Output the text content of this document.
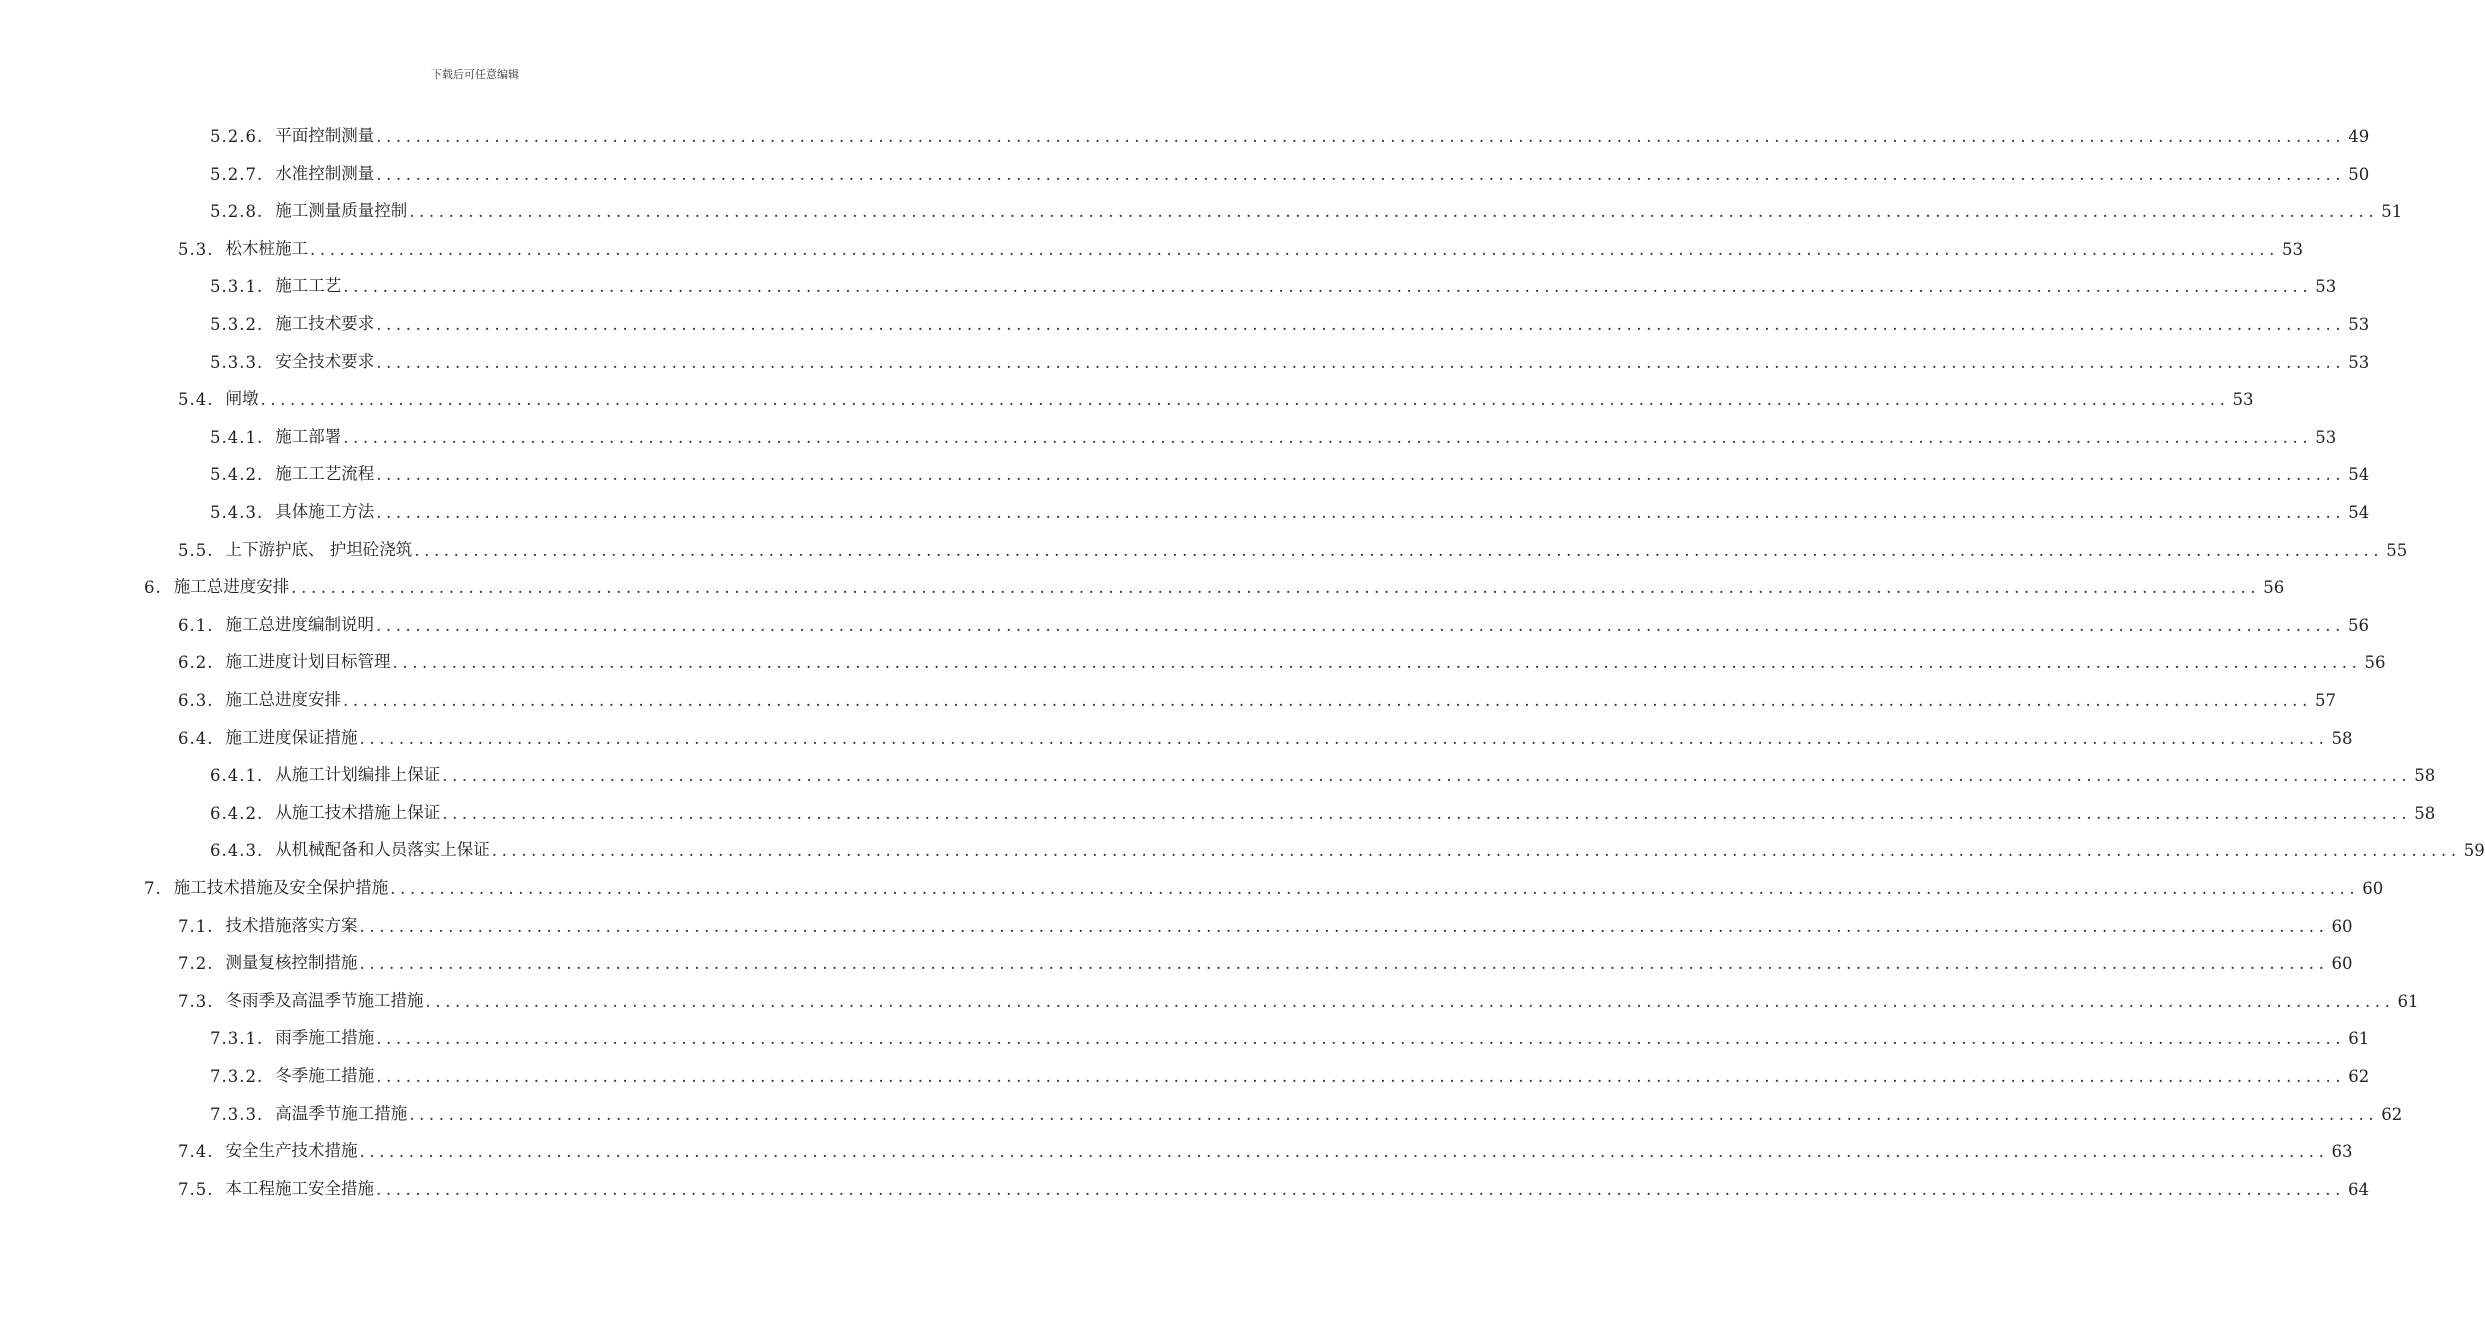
下载后可任意编辑
5.2.6. 平面控制测量 ........................................................................................................................................................................................................ 49
5.2.7. 水准控制测量 ........................................................................................................................................................................................................ 50
5.2.8. 施工测量质量控制 ........................................................................................................................................................................................................ 51
5.3. 松木桩施工 ........................................................................................................................................................................................................ 53
5.3.1. 施工工艺 ........................................................................................................................................................................................................ 53
5.3.2. 施工技术要求 ........................................................................................................................................................................................................ 53
5.3.3. 安全技术要求 ........................................................................................................................................................................................................ 53
5.4. 闸墩 ........................................................................................................................................................................................................ 53
5.4.1. 施工部署 ........................................................................................................................................................................................................ 53
5.4.2. 施工工艺流程 ........................................................................................................................................................................................................ 54
5.4.3. 具体施工方法 ........................................................................................................................................................................................................ 54
5.5. 上下游护底、 护坦砼浇筑 ........................................................................................................................................................................................................ 55
6. 施工总进度安排 ........................................................................................................................................................................................................ 56
6.1. 施工总进度编制说明 ........................................................................................................................................................................................................ 56
6.2. 施工进度计划目标管理 ........................................................................................................................................................................................................ 56
6.3. 施工总进度安排 ........................................................................................................................................................................................................ 57
6.4. 施工进度保证措施 ........................................................................................................................................................................................................ 58
6.4.1. 从施工计划编排上保证 ........................................................................................................................................................................................................ 58
6.4.2. 从施工技术措施上保证 ........................................................................................................................................................................................................ 58
6.4.3. 从机械配备和人员落实上保证 ........................................................................................................................................................................................................ 59
7. 施工技术措施及安全保护措施 ........................................................................................................................................................................................................ 60
7.1. 技术措施落实方案 ........................................................................................................................................................................................................ 60
7.2. 测量复核控制措施 ........................................................................................................................................................................................................ 60
7.3. 冬雨季及高温季节施工措施 ........................................................................................................................................................................................................ 61
7.3.1. 雨季施工措施 ........................................................................................................................................................................................................ 61
7.3.2. 冬季施工措施 ........................................................................................................................................................................................................ 62
7.3.3. 高温季节施工措施 ........................................................................................................................................................................................................ 62
7.4. 安全生产技术措施 ........................................................................................................................................................................................................ 63
7.5. 本工程施工安全措施 ........................................................................................................................................................................................................ 64
